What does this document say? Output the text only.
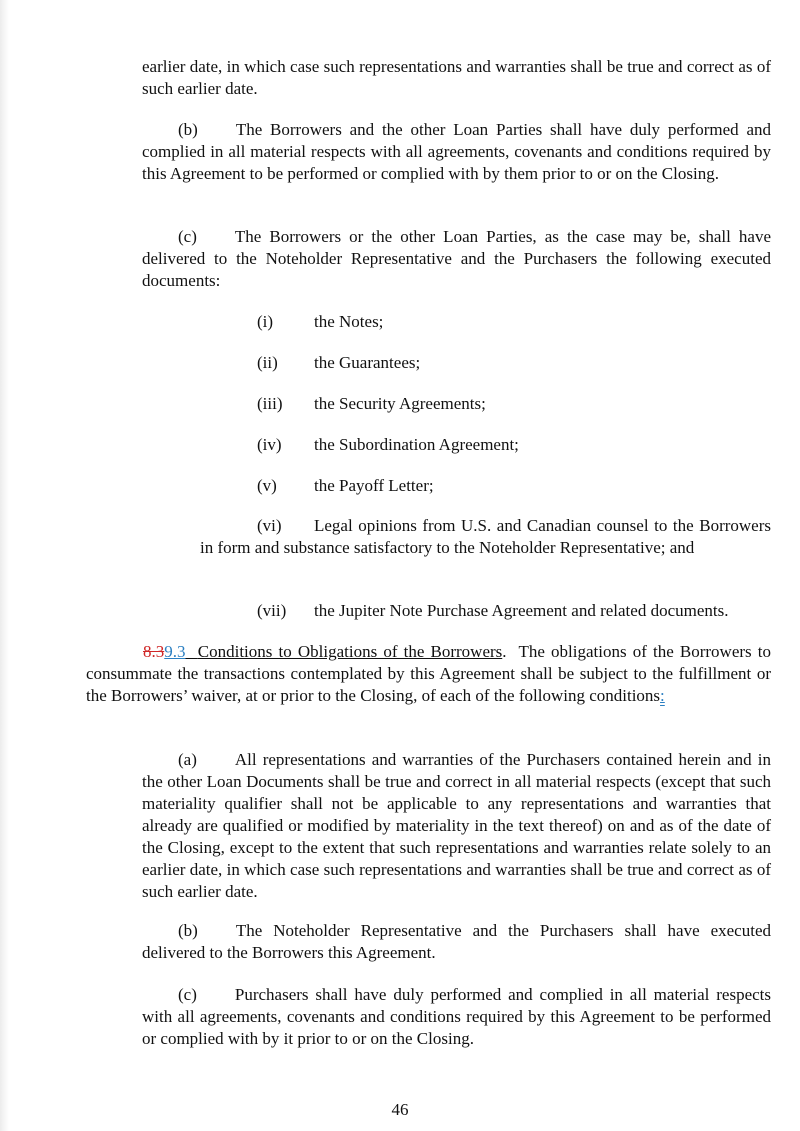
earlier date, in which case such representations and warranties shall be true and correct as of such earlier date.

(b) The Borrowers and the other Loan Parties shall have duly performed and complied in all material respects with all agreements, covenants and conditions required by this Agreement to be performed or complied with by them prior to or on the Closing.

(c) The Borrowers or the other Loan Parties, as the case may be, shall have delivered to the Noteholder Representative and the Purchasers the following executed documents:

(i) the Notes;

(ii) the Guarantees;

(iii) the Security Agreements;

(iv) the Subordination Agreement;

(v) the Payoff Letter;

(vi) Legal opinions from U.S. and Canadian counsel to the Borrowers in form and substance satisfactory to the Noteholder Representative; and

(vii) the Jupiter Note Purchase Agreement and related documents.

8.39.3 Conditions to Obligations of the Borrowers.  The obligations of the Borrowers to consummate the transactions contemplated by this Agreement shall be subject to the fulfillment or the Borrowers’ waiver, at or prior to the Closing, of each of the following conditions:

(a) All representations and warranties of the Purchasers contained herein and in the other Loan Documents shall be true and correct in all material respects (except that such materiality qualifier shall not be applicable to any representations and warranties that already are qualified or modified by materiality in the text thereof) on and as of the date of the Closing, except to the extent that such representations and warranties relate solely to an earlier date, in which case such representations and warranties shall be true and correct as of such earlier date.

(b) The Noteholder Representative and the Purchasers shall have executed delivered to the Borrowers this Agreement.

(c) Purchasers shall have duly performed and complied in all material respects with all agreements, covenants and conditions required by this Agreement to be performed or complied with by it prior to or on the Closing.

46
